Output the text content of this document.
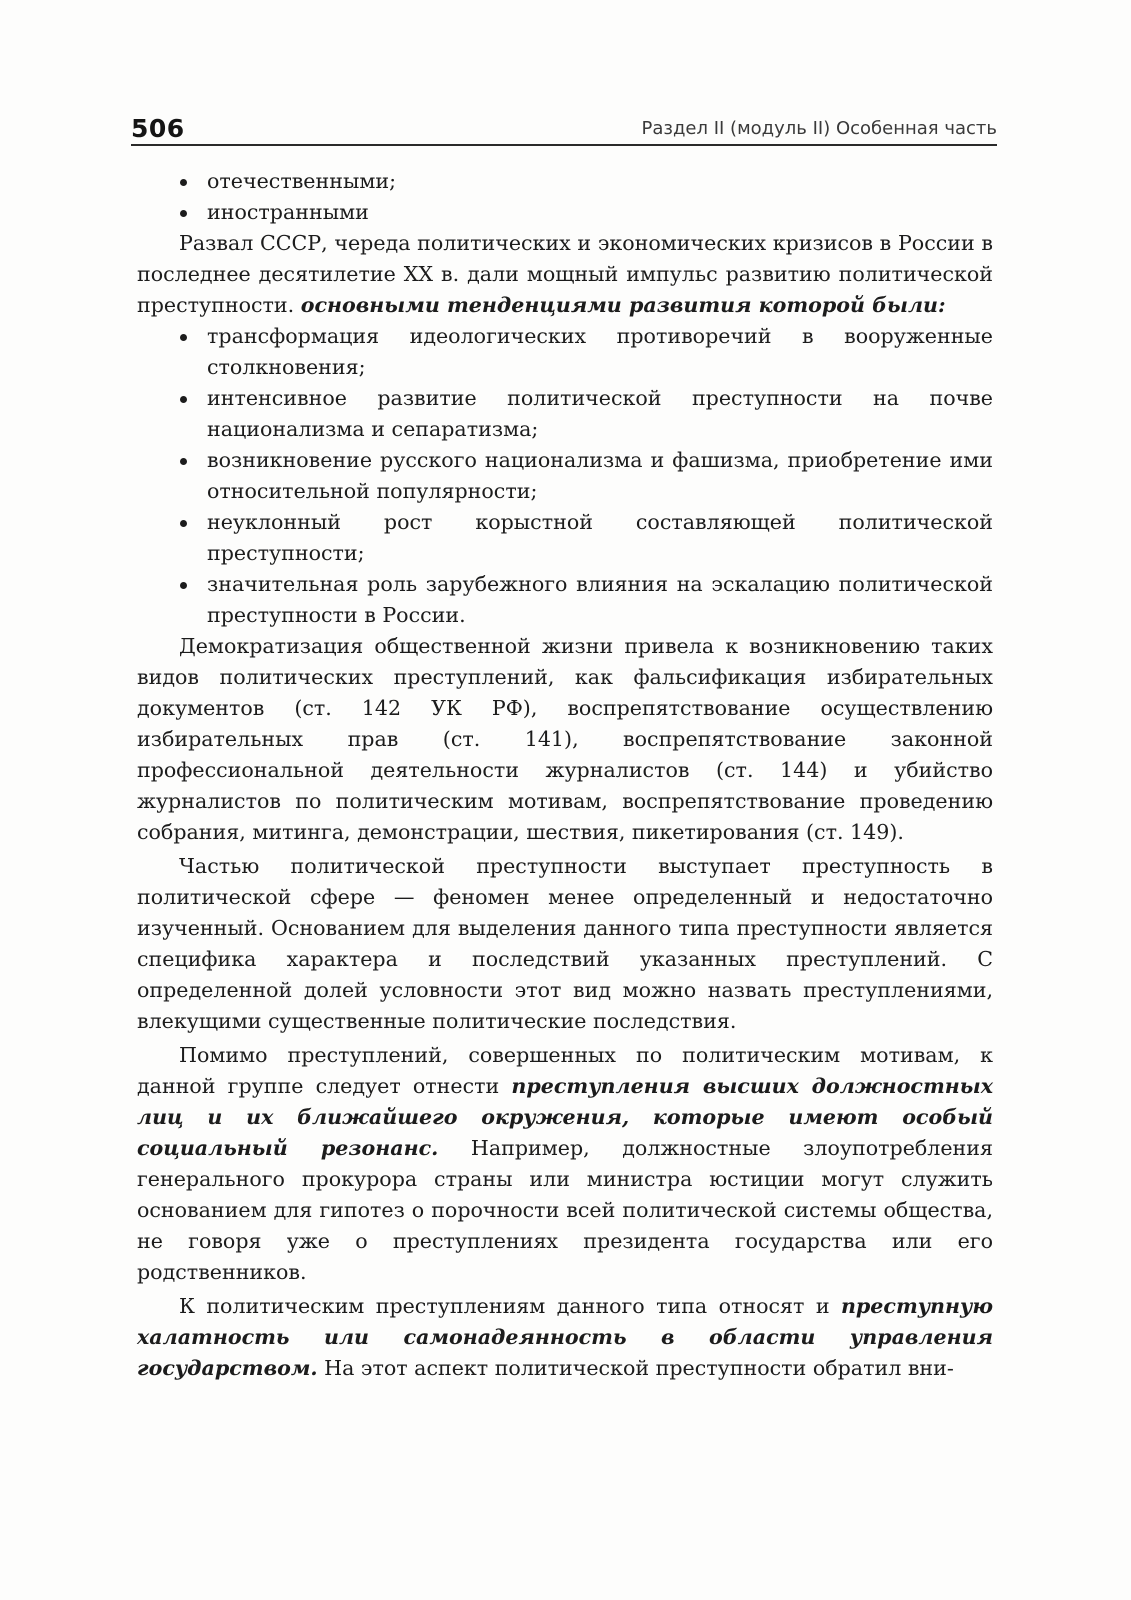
506	Раздел II (модуль II) Особенная часть
отечественными;
иностранными

Развал СССР, череда политических и экономических кризисов в России в последнее десятилетие XX в. дали мощный импульс развитию политической преступности. основными тенденциями развития которой были:

трансформация идеологических противоречий в вооруженные столкновения;
интенсивное развитие политической преступности на почве национализма и сепаратизма;
возникновение русского национализма и фашизма, приобретение ими относительной популярности;
неуклонный рост корыстной составляющей политической преступности;
значительная роль зарубежного влияния на эскалацию политической преступности в России.

Демократизация общественной жизни привела к возникновению таких видов политических преступлений, как фальсификация избирательных документов (ст. 142 УК РФ), воспрепятствование осуществлению избирательных прав (ст. 141), воспрепятствование законной профессиональной деятельности журналистов (ст. 144) и убийство журналистов по политическим мотивам, воспрепятствование проведению собрания, митинга, демонстрации, шествия, пикетирования (ст. 149).

Частью политической преступности выступает преступность в политической сфере — феномен менее определенный и недостаточно изученный. Основанием для выделения данного типа преступности является специфика характера и последствий указанных преступлений. С определенной долей условности этот вид можно назвать преступлениями, влекущими существенные политические последствия.

Помимо преступлений, совершенных по политическим мотивам, к данной группе следует отнести преступления высших должностных лиц и их ближайшего окружения, которые имеют особый социальный резонанс. Например, должностные злоупотребления генерального прокурора страны или министра юстиции могут служить основанием для гипотез о порочности всей политической системы общества, не говоря уже о преступлениях президента государства или его родственников.

К политическим преступлениям данного типа относят и преступную халатность или самонадеянность в области управления государством. На этот аспект политической преступности обратил вни-
